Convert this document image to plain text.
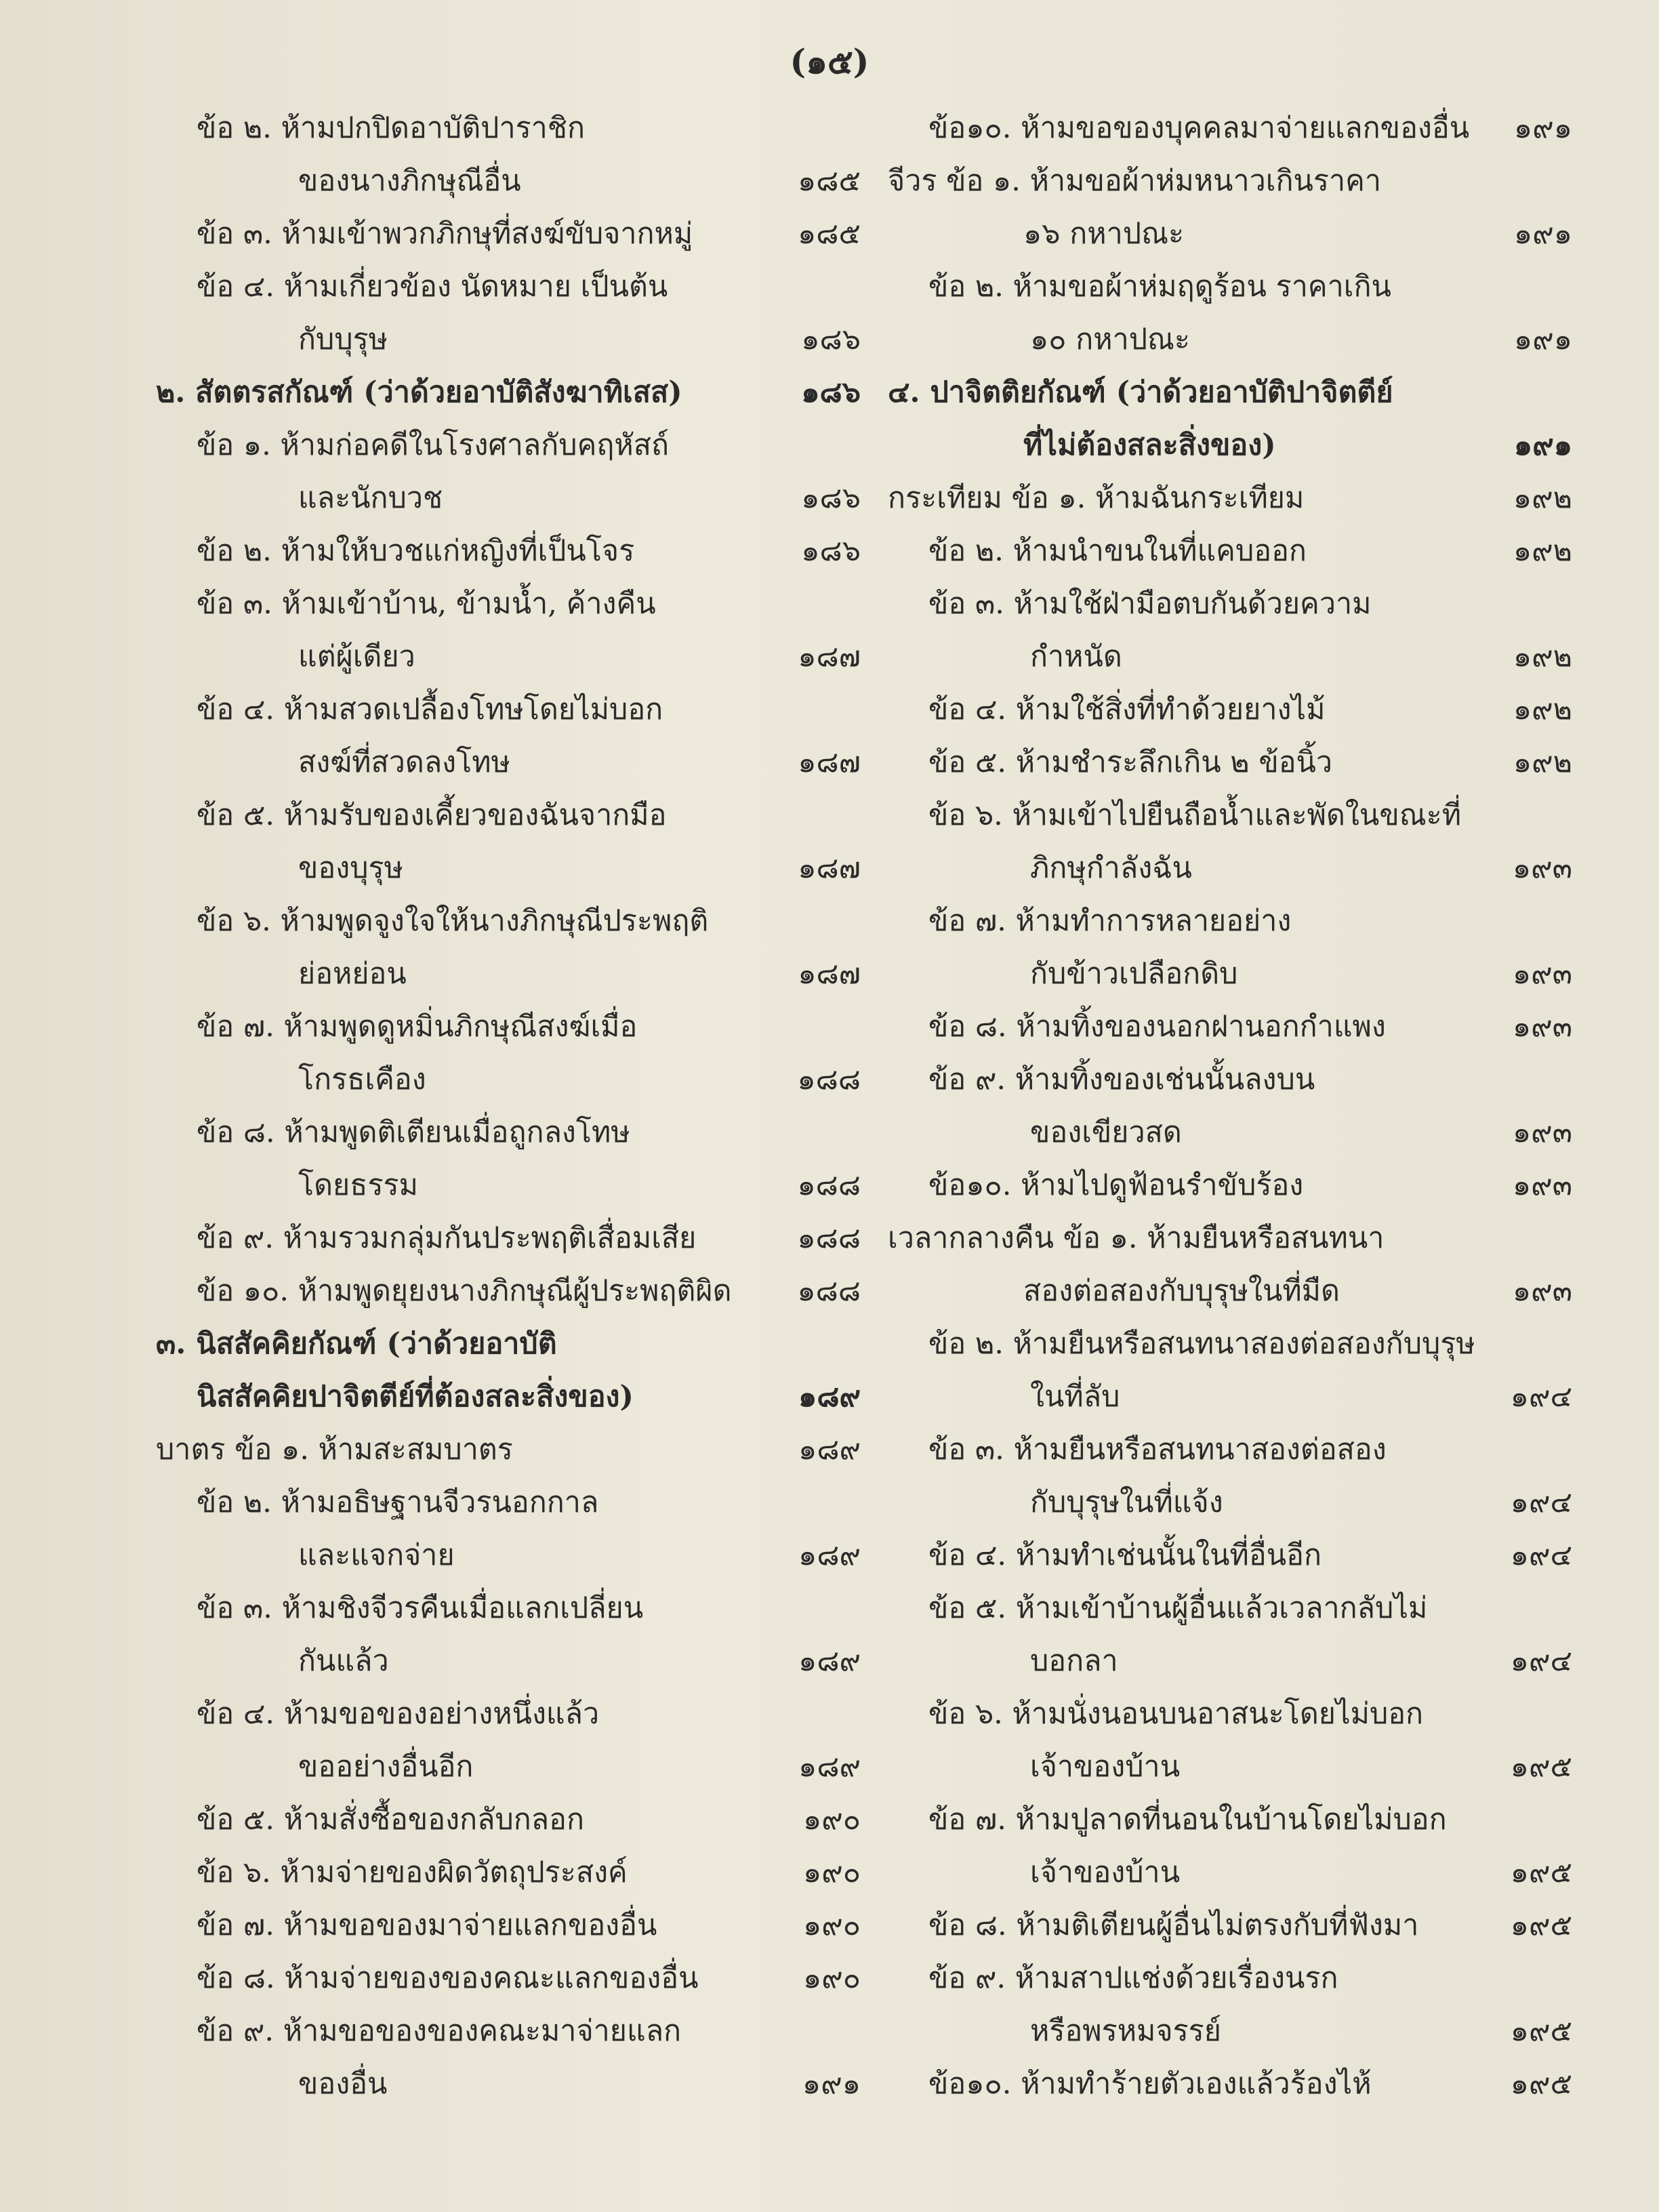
(๑๕)
ข้อ ๒. ห้ามปกปิดอาบัติปาราชิก
ของนางภิกษุณีอื่น	๑๘๕
ข้อ ๓. ห้ามเข้าพวกภิกษุที่สงฆ์ขับจากหมู่	๑๘๕
ข้อ ๔. ห้ามเกี่ยวข้อง นัดหมาย เป็นต้น
กับบุรุษ	๑๘๖
๒. สัตตรสกัณฑ์ (ว่าด้วยอาบัติสังฆาทิเสส)	๑๘๖
ข้อ ๑. ห้ามก่อคดีในโรงศาลกับคฤหัสถ์
และนักบวช	๑๘๖
ข้อ ๒. ห้ามให้บวชแก่หญิงที่เป็นโจร	๑๘๖
ข้อ ๓. ห้ามเข้าบ้าน, ข้ามน้ำ, ค้างคืน
แต่ผู้เดียว	๑๘๗
ข้อ ๔. ห้ามสวดเปลื้องโทษโดยไม่บอก
สงฆ์ที่สวดลงโทษ	๑๘๗
ข้อ ๕. ห้ามรับของเคี้ยวของฉันจากมือ
ของบุรุษ	๑๘๗
ข้อ ๖. ห้ามพูดจูงใจให้นางภิกษุณีประพฤติ
ย่อหย่อน	๑๘๗
ข้อ ๗. ห้ามพูดดูหมิ่นภิกษุณีสงฆ์เมื่อ
โกรธเคือง	๑๘๘
ข้อ ๘. ห้ามพูดติเตียนเมื่อถูกลงโทษ
โดยธรรม	๑๘๘
ข้อ ๙. ห้ามรวมกลุ่มกันประพฤติเสื่อมเสีย	๑๘๘
ข้อ ๑๐. ห้ามพูดยุยงนางภิกษุณีผู้ประพฤติผิด ๑๘๘
๓. นิสสัคคิยกัณฑ์ (ว่าด้วยอาบัติ
นิสสัคคิยปาจิตตีย์ที่ต้องสละสิ่งของ)	๑๘๙
บาตร ข้อ ๑. ห้ามสะสมบาตร	๑๘๙
ข้อ ๒. ห้ามอธิษฐานจีวรนอกกาล
และแจกจ่าย	๑๘๙
ข้อ ๓. ห้ามชิงจีวรคืนเมื่อแลกเปลี่ยน
กันแล้ว	๑๘๙
ข้อ ๔. ห้ามขอของอย่างหนึ่งแล้ว
ขออย่างอื่นอีก	๑๘๙
ข้อ ๕. ห้ามสั่งซื้อของกลับกลอก	๑๙๐
ข้อ ๖. ห้ามจ่ายของผิดวัตถุประสงค์	๑๙๐
ข้อ ๗. ห้ามขอของมาจ่ายแลกของอื่น	๑๙๐
ข้อ ๘. ห้ามจ่ายของของคณะแลกของอื่น	๑๙๐
ข้อ ๙. ห้ามขอของของคณะมาจ่ายแลก
ของอื่น	๑๙๑
ข้อ๑๐. ห้ามขอของบุคคลมาจ่ายแลกของอื่น ๑๙๑
จีวร ข้อ ๑. ห้ามขอผ้าห่มหนาวเกินราคา
๑๖ กหาปณะ	๑๙๑
ข้อ ๒. ห้ามขอผ้าห่มฤดูร้อน ราคาเกิน
๑๐ กหาปณะ	๑๙๑
๔. ปาจิตติยกัณฑ์ (ว่าด้วยอาบัติปาจิตตีย์
ที่ไม่ต้องสละสิ่งของ)	๑๙๑
กระเทียม ข้อ ๑. ห้ามฉันกระเทียม	๑๙๒
ข้อ ๒. ห้ามนำขนในที่แคบออก	๑๙๒
ข้อ ๓. ห้ามใช้ฝ่ามือตบกันด้วยความ
กำหนัด	๑๙๒
ข้อ ๔. ห้ามใช้สิ่งที่ทำด้วยยางไม้	๑๙๒
ข้อ ๕. ห้ามชำระลึกเกิน ๒ ข้อนิ้ว	๑๙๒
ข้อ ๖. ห้ามเข้าไปยืนถือน้ำและพัดในขณะที่
ภิกษุกำลังฉัน	๑๙๓
ข้อ ๗. ห้ามทำการหลายอย่าง
กับข้าวเปลือกดิบ	๑๙๓
ข้อ ๘. ห้ามทิ้งของนอกฝานอกกำแพง	๑๙๓
ข้อ ๙. ห้ามทิ้งของเช่นนั้นลงบน
ของเขียวสด	๑๙๓
ข้อ๑๐. ห้ามไปดูฟ้อนรำขับร้อง	๑๙๓
เวลากลางคืน ข้อ ๑. ห้ามยืนหรือสนทนา
สองต่อสองกับบุรุษในที่มืด	๑๙๓
ข้อ ๒. ห้ามยืนหรือสนทนาสองต่อสองกับบุรุษ
ในที่ลับ	๑๙๔
ข้อ ๓. ห้ามยืนหรือสนทนาสองต่อสอง
กับบุรุษในที่แจ้ง	๑๙๔
ข้อ ๔. ห้ามทำเช่นนั้นในที่อื่นอีก	๑๙๔
ข้อ ๕. ห้ามเข้าบ้านผู้อื่นแล้วเวลากลับไม่
บอกลา	๑๙๔
ข้อ ๖. ห้ามนั่งนอนบนอาสนะโดยไม่บอก
เจ้าของบ้าน	๑๙๕
ข้อ ๗. ห้ามปูลาดที่นอนในบ้านโดยไม่บอก
เจ้าของบ้าน	๑๙๕
ข้อ ๘. ห้ามติเตียนผู้อื่นไม่ตรงกับที่ฟังมา	๑๙๕
ข้อ ๙. ห้ามสาปแช่งด้วยเรื่องนรก
หรือพรหมจรรย์	๑๙๕
ข้อ๑๐. ห้ามทำร้ายตัวเองแล้วร้องไห้	๑๙๕
